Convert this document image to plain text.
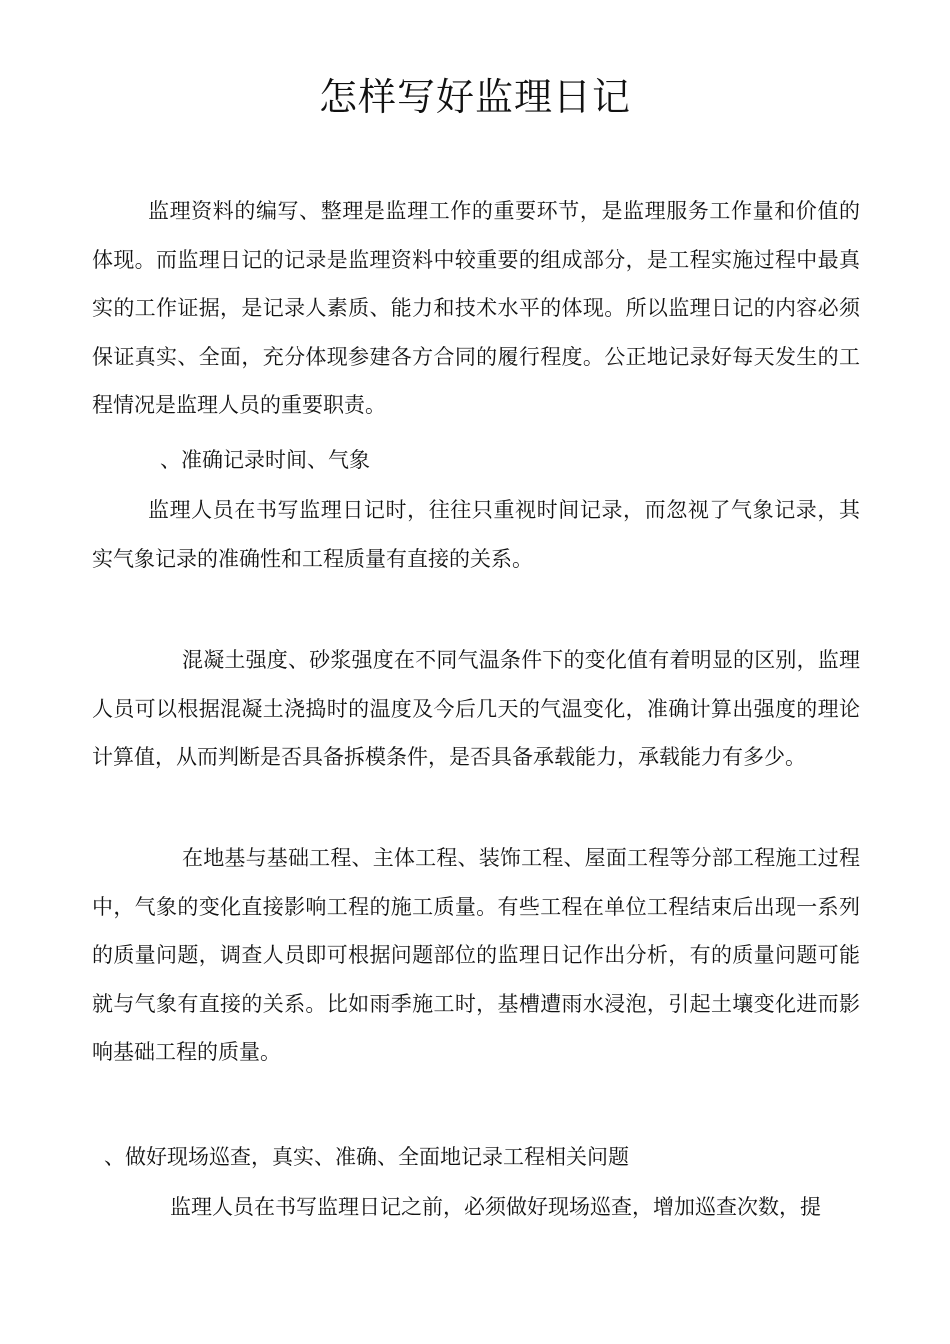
怎样写好监理日记

监理资料的编写、整理是监理工作的重要环节，是监理服务工作量和价值的体现。而监理日记的记录是监理资料中较重要的组成部分，是工程实施过程中最真实的工作证据，是记录人素质、能力和技术水平的体现。所以监理日记的内容必须保证真实、全面，充分体现参建各方合同的履行程度。公正地记录好每天发生的工程情况是监理人员的重要职责。

、准确记录时间、气象

监理人员在书写监理日记时，往往只重视时间记录，而忽视了气象记录，其实气象记录的准确性和工程质量有直接的关系。

混凝土强度、砂浆强度在不同气温条件下的变化值有着明显的区别，监理人员可以根据混凝土浇捣时的温度及今后几天的气温变化，准确计算出强度的理论计算值，从而判断是否具备拆模条件，是否具备承载能力，承载能力有多少。

在地基与基础工程、主体工程、装饰工程、屋面工程等分部工程施工过程中，气象的变化直接影响工程的施工质量。有些工程在单位工程结束后出现一系列的质量问题，调查人员即可根据问题部位的监理日记作出分析，有的质量问题可能就与气象有直接的关系。比如雨季施工时，基槽遭雨水浸泡，引起土壤变化进而影响基础工程的质量。

、做好现场巡查，真实、准确、全面地记录工程相关问题

监理人员在书写监理日记之前，必须做好现场巡查，增加巡查次数，提
